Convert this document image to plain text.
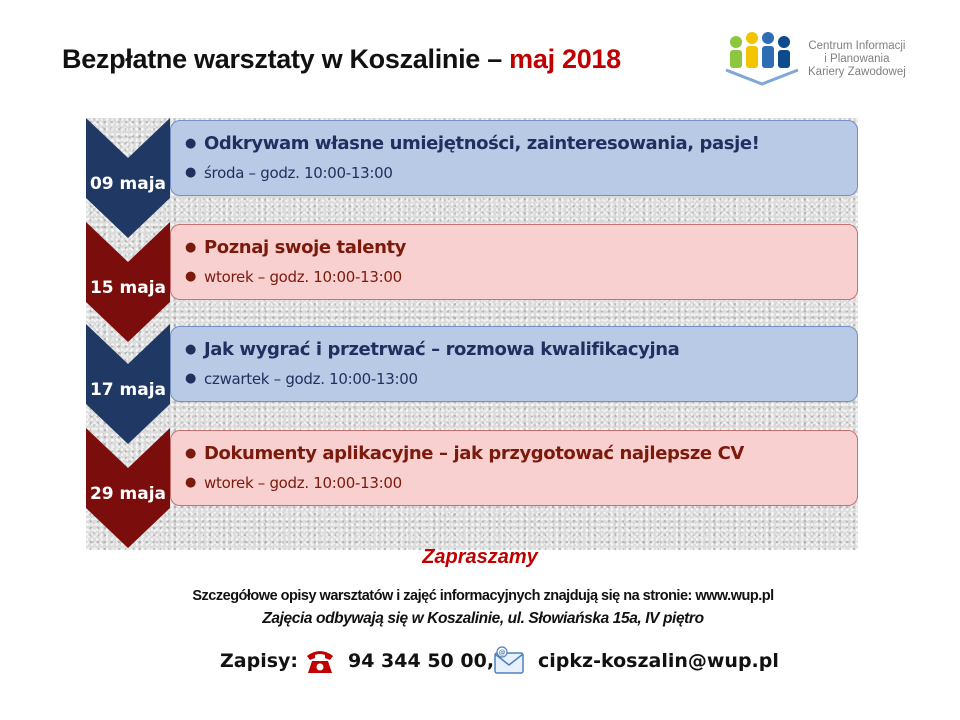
Bezpłatne warsztaty w Koszalinie – maj 2018	Centrum Informacji
i Planowania
Kariery Zawodowej
09 maja
● Odkrywam własne umiejętności, zainteresowania, pasje!
● środa – godz. 10:00-13:00
15 maja
● Poznaj swoje talenty
● wtorek – godz. 10:00-13:00
17 maja
● Jak wygrać i przetrwać – rozmowa kwalifikacyjna
● czwartek – godz. 10:00-13:00
29 maja
● Dokumenty aplikacyjne – jak przygotować najlepsze CV
● wtorek – godz. 10:00-13:00
Zapraszamy
Szczegółowe opisy warsztatów i zajęć informacyjnych znajdują się na stronie: www.wup.pl
Zajęcia odbywają się w Koszalinie, ul. Słowiańska 15a, IV piętro
Zapisy:	94 344 50 00, @ cipkz-koszalin@wup.pl
